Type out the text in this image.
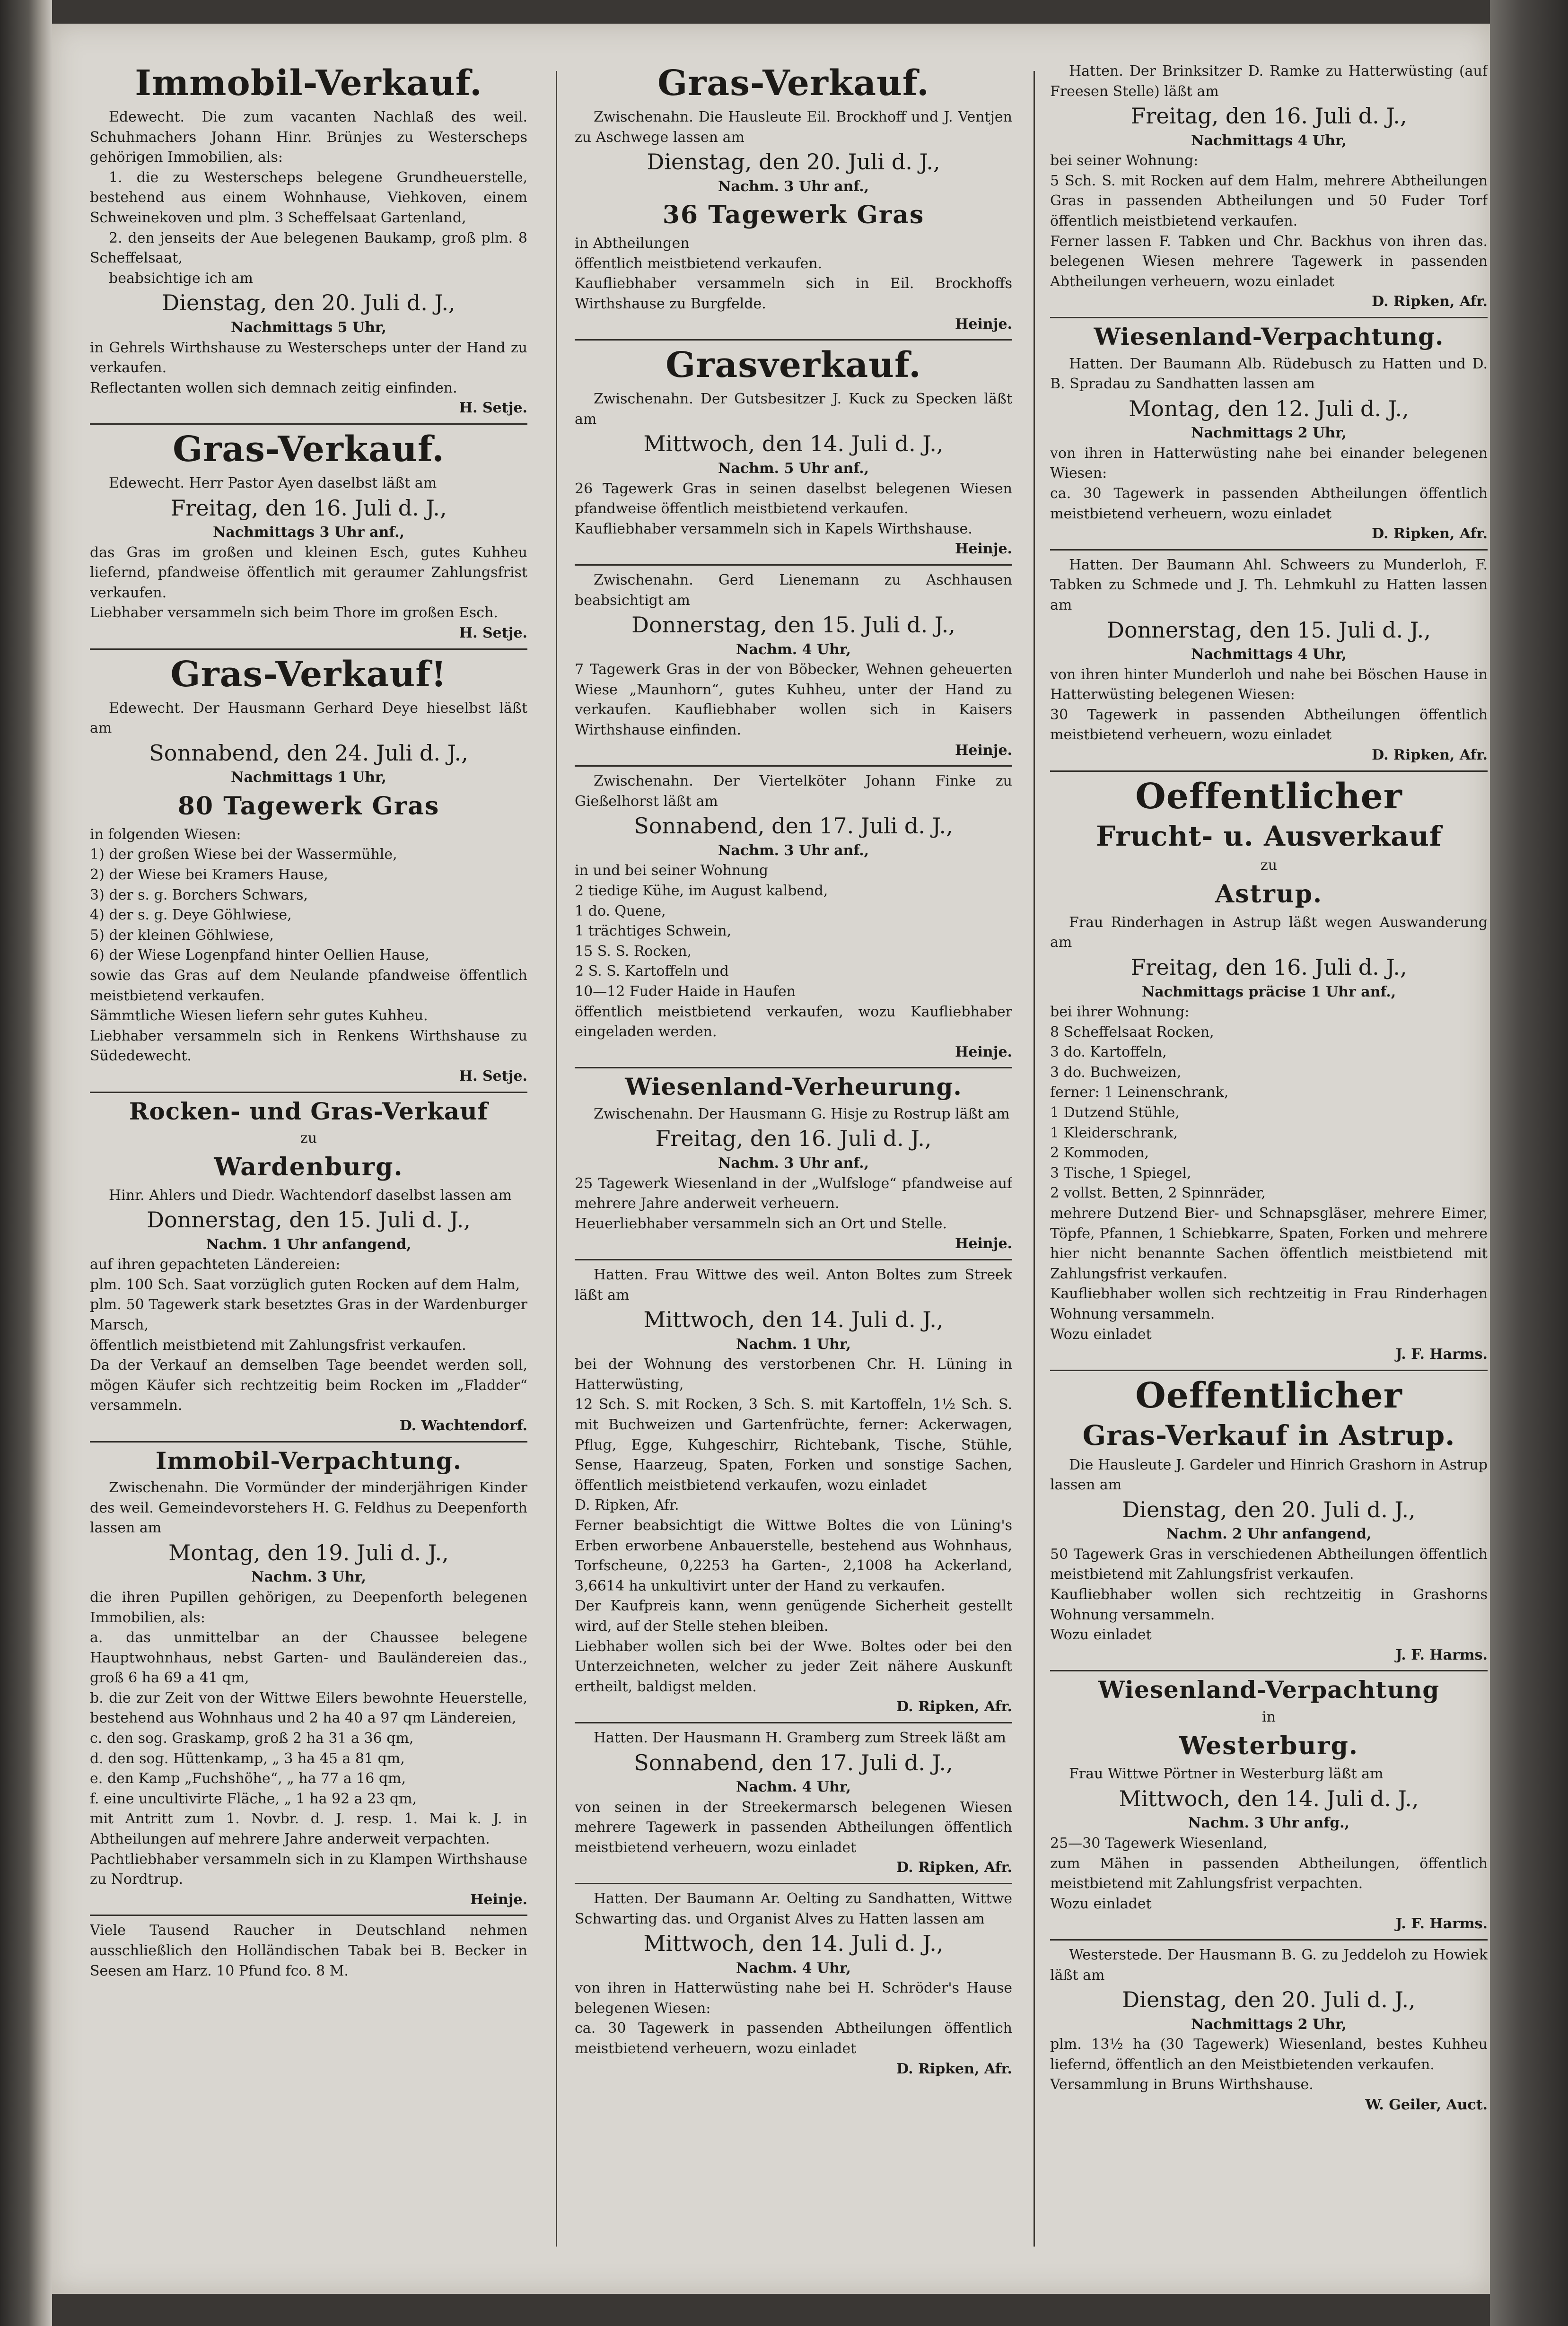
Immobil-Verkauf.

Edewecht. Die zum vacanten Nachlaß des weil. Schuhmachers Johann Hinr. Brünjes zu Westerscheps gehörigen Immobilien, als:

1. die zu Westerscheps belegene Grundheuerstelle, bestehend aus einem Wohnhause, Viehkoven, einem Schweinekoven und plm. 3 Scheffelsaat Gartenland,

2. den jenseits der Aue belegenen Baukamp, groß plm. 8 Scheffelsaat,

beabsichtige ich am

Dienstag, den 20. Juli d. J.,

Nachmittags 5 Uhr,

in Gehrels Wirthshause zu Westerscheps unter der Hand zu verkaufen.

Reflectanten wollen sich demnach zeitig einfinden.

H. Setje.

Gras-Verkauf.

Edewecht. Herr Pastor Ayen daselbst läßt am

Freitag, den 16. Juli d. J.,

Nachmittags 3 Uhr anf.,

das Gras im großen und kleinen Esch, gutes Kuhheu liefernd, pfandweise öffentlich mit geraumer Zahlungsfrist verkaufen.

Liebhaber versammeln sich beim Thore im großen Esch.

H. Setje.

Gras-Verkauf!

Edewecht. Der Hausmann Gerhard Deye hieselbst läßt am

Sonnabend, den 24. Juli d. J.,

Nachmittags 1 Uhr,

80 Tagewerk Gras

in folgenden Wiesen:

1) der großen Wiese bei der Wassermühle,

2) der Wiese bei Kramers Hause,

3) der s. g. Borchers Schwars,

4) der s. g. Deye Göhlwiese,

5) der kleinen Göhlwiese,

6) der Wiese Logenpfand hinter Oellien Hause,

sowie das Gras auf dem Neulande pfandweise öffentlich meistbietend verkaufen.

Sämmtliche Wiesen liefern sehr gutes Kuhheu.

Liebhaber versammeln sich in Renkens Wirthshause zu Südedewecht.

H. Setje.

Rocken- und Gras-Verkauf

zu

Wardenburg.

Hinr. Ahlers und Diedr. Wachtendorf daselbst lassen am

Donnerstag, den 15. Juli d. J.,

Nachm. 1 Uhr anfangend,

auf ihren gepachteten Ländereien:

plm. 100 Sch. Saat vorzüglich guten Rocken auf dem Halm,

plm. 50 Tagewerk stark besetztes Gras in der Wardenburger Marsch,

öffentlich meistbietend mit Zahlungsfrist verkaufen.

Da der Verkauf an demselben Tage beendet werden soll, mögen Käufer sich rechtzeitig beim Rocken im „Fladder“ versammeln.

D. Wachtendorf.

Immobil-Verpachtung.

Zwischenahn. Die Vormünder der minderjährigen Kinder des weil. Gemeindevorstehers H. G. Feldhus zu Deepenforth lassen am

Montag, den 19. Juli d. J.,

Nachm. 3 Uhr,

die ihren Pupillen gehörigen, zu Deepenforth belegenen Immobilien, als:

a. das unmittelbar an der Chaussee belegene Hauptwohnhaus, nebst Garten- und Bauländereien das., groß 6 ha 69 a 41 qm,

b. die zur Zeit von der Wittwe Eilers bewohnte Heuerstelle, bestehend aus Wohnhaus und 2 ha 40 a 97 qm Ländereien,

c. den sog. Graskamp, groß 2 ha 31 a 36 qm,

d. den sog. Hüttenkamp, „ 3 ha 45 a 81 qm,

e. den Kamp „Fuchshöhe“, „ ha 77 a 16 qm,

f. eine uncultivirte Fläche, „ 1 ha 92 a 23 qm,

mit Antritt zum 1. Novbr. d. J. resp. 1. Mai k. J. in Abtheilungen auf mehrere Jahre anderweit verpachten.

Pachtliebhaber versammeln sich in zu Klampen Wirthshause zu Nordtrup.

Heinje.

Viele Tausend Raucher in Deutschland nehmen ausschließlich den Holländischen Tabak bei B. Becker in Seesen am Harz. 10 Pfund fco. 8 M.

Gras-Verkauf.

Zwischenahn. Die Hausleute Eil. Brockhoff und J. Ventjen zu Aschwege lassen am

Dienstag, den 20. Juli d. J.,

Nachm. 3 Uhr anf.,

36 Tagewerk Gras

in Abtheilungen

öffentlich meistbietend verkaufen.

Kaufliebhaber versammeln sich in Eil. Brockhoffs Wirthshause zu Burgfelde.

Heinje.

Grasverkauf.

Zwischenahn. Der Gutsbesitzer J. Kuck zu Specken läßt am

Mittwoch, den 14. Juli d. J.,

Nachm. 5 Uhr anf.,

26 Tagewerk Gras in seinen daselbst belegenen Wiesen pfandweise öffentlich meistbietend verkaufen.

Kaufliebhaber versammeln sich in Kapels Wirthshause.

Heinje.

Zwischenahn. Gerd Lienemann zu Aschhausen beabsichtigt am

Donnerstag, den 15. Juli d. J.,

Nachm. 4 Uhr,

7 Tagewerk Gras in der von Böbecker, Wehnen geheuerten Wiese „Maunhorn“, gutes Kuhheu, unter der Hand zu verkaufen. Kaufliebhaber wollen sich in Kaisers Wirthshause einfinden.

Heinje.

Zwischenahn. Der Viertelköter Johann Finke zu Gießelhorst läßt am

Sonnabend, den 17. Juli d. J.,

Nachm. 3 Uhr anf.,

in und bei seiner Wohnung

2 tiedige Kühe, im August kalbend,

1 do. Quene,

1 trächtiges Schwein,

15 S. S. Rocken,

2 S. S. Kartoffeln und

10—12 Fuder Haide in Haufen

öffentlich meistbietend verkaufen, wozu Kaufliebhaber eingeladen werden.

Heinje.

Wiesenland-Verheurung.

Zwischenahn. Der Hausmann G. Hisje zu Rostrup läßt am

Freitag, den 16. Juli d. J.,

Nachm. 3 Uhr anf.,

25 Tagewerk Wiesenland in der „Wulfsloge“ pfandweise auf mehrere Jahre anderweit verheuern.

Heuerliebhaber versammeln sich an Ort und Stelle.

Heinje.

Hatten. Frau Wittwe des weil. Anton Boltes zum Streek läßt am

Mittwoch, den 14. Juli d. J.,

Nachm. 1 Uhr,

bei der Wohnung des verstorbenen Chr. H. Lüning in Hatterwüsting,

12 Sch. S. mit Rocken, 3 Sch. S. mit Kartoffeln, 1½ Sch. S. mit Buchweizen und Gartenfrüchte, ferner: Ackerwagen, Pflug, Egge, Kuhgeschirr, Richtebank, Tische, Stühle, Sense, Haarzeug, Spaten, Forken und sonstige Sachen, öffentlich meistbietend verkaufen, wozu einladet

D. Ripken, Afr.

Ferner beabsichtigt die Wittwe Boltes die von Lüning's Erben erworbene Anbauerstelle, bestehend aus Wohnhaus, Torfscheune, 0,2253 ha Garten-, 2,1008 ha Ackerland, 3,6614 ha unkultivirt unter der Hand zu verkaufen.

Der Kaufpreis kann, wenn genügende Sicherheit gestellt wird, auf der Stelle stehen bleiben.

Liebhaber wollen sich bei der Wwe. Boltes oder bei den Unterzeichneten, welcher zu jeder Zeit nähere Auskunft ertheilt, baldigst melden.

D. Ripken, Afr.

Hatten. Der Hausmann H. Gramberg zum Streek läßt am

Sonnabend, den 17. Juli d. J.,

Nachm. 4 Uhr,

von seinen in der Streekermarsch belegenen Wiesen mehrere Tagewerk in passenden Abtheilungen öffentlich meistbietend verheuern, wozu einladet

D. Ripken, Afr.

Hatten. Der Baumann Ar. Oelting zu Sandhatten, Wittwe Schwarting das. und Organist Alves zu Hatten lassen am

Mittwoch, den 14. Juli d. J.,

Nachm. 4 Uhr,

von ihren in Hatterwüsting nahe bei H. Schröder's Hause belegenen Wiesen:

ca. 30 Tagewerk in passenden Abtheilungen öffentlich meistbietend verheuern, wozu einladet

D. Ripken, Afr.

Hatten. Der Brinksitzer D. Ramke zu Hatterwüsting (auf Freesen Stelle) läßt am

Freitag, den 16. Juli d. J.,

Nachmittags 4 Uhr,

bei seiner Wohnung:

5 Sch. S. mit Rocken auf dem Halm, mehrere Abtheilungen Gras in passenden Abtheilungen und 50 Fuder Torf öffentlich meistbietend verkaufen.

Ferner lassen F. Tabken und Chr. Backhus von ihren das. belegenen Wiesen mehrere Tagewerk in passenden Abtheilungen verheuern, wozu einladet

D. Ripken, Afr.

Wiesenland-Verpachtung.

Hatten. Der Baumann Alb. Rüdebusch zu Hatten und D. B. Spradau zu Sandhatten lassen am

Montag, den 12. Juli d. J.,

Nachmittags 2 Uhr,

von ihren in Hatterwüsting nahe bei einander belegenen Wiesen:

ca. 30 Tagewerk in passenden Abtheilungen öffentlich meistbietend verheuern, wozu einladet

D. Ripken, Afr.

Hatten. Der Baumann Ahl. Schweers zu Munderloh, F. Tabken zu Schmede und J. Th. Lehmkuhl zu Hatten lassen am

Donnerstag, den 15. Juli d. J.,

Nachmittags 4 Uhr,

von ihren hinter Munderloh und nahe bei Böschen Hause in Hatterwüsting belegenen Wiesen:

30 Tagewerk in passenden Abtheilungen öffentlich meistbietend verheuern, wozu einladet

D. Ripken, Afr.

Oeffentlicher
Frucht- u. Ausverkauf

zu

Astrup.

Frau Rinderhagen in Astrup läßt wegen Auswanderung am

Freitag, den 16. Juli d. J.,

Nachmittags präcise 1 Uhr anf.,

bei ihrer Wohnung:

8 Scheffelsaat Rocken,

3 do. Kartoffeln,

3 do. Buchweizen,

ferner: 1 Leinenschrank,

1 Dutzend Stühle,

1 Kleiderschrank,

2 Kommoden,

3 Tische, 1 Spiegel,

2 vollst. Betten, 2 Spinnräder,

mehrere Dutzend Bier- und Schnapsgläser, mehrere Eimer, Töpfe, Pfannen, 1 Schiebkarre, Spaten, Forken und mehrere hier nicht benannte Sachen öffentlich meistbietend mit Zahlungsfrist verkaufen.

Kaufliebhaber wollen sich rechtzeitig in Frau Rinderhagen Wohnung versammeln.

Wozu einladet

J. F. Harms.

Oeffentlicher
Gras-Verkauf in Astrup.

Die Hausleute J. Gardeler und Hinrich Grashorn in Astrup lassen am

Dienstag, den 20. Juli d. J.,

Nachm. 2 Uhr anfangend,

50 Tagewerk Gras in verschiedenen Abtheilungen öffentlich meistbietend mit Zahlungsfrist verkaufen.

Kaufliebhaber wollen sich rechtzeitig in Grashorns Wohnung versammeln.

Wozu einladet

J. F. Harms.

Wiesenland-Verpachtung

in

Westerburg.

Frau Wittwe Pörtner in Westerburg läßt am

Mittwoch, den 14. Juli d. J.,

Nachm. 3 Uhr anfg.,

25—30 Tagewerk Wiesenland,

zum Mähen in passenden Abtheilungen, öffentlich meistbietend mit Zahlungsfrist verpachten.

Wozu einladet

J. F. Harms.

Westerstede. Der Hausmann B. G. zu Jeddeloh zu Howiek läßt am

Dienstag, den 20. Juli d. J.,

Nachmittags 2 Uhr,

plm. 13½ ha (30 Tagewerk) Wiesenland, bestes Kuhheu liefernd, öffentlich an den Meistbietenden verkaufen.

Versammlung in Bruns Wirthshause.

W. Geiler, Auct.
